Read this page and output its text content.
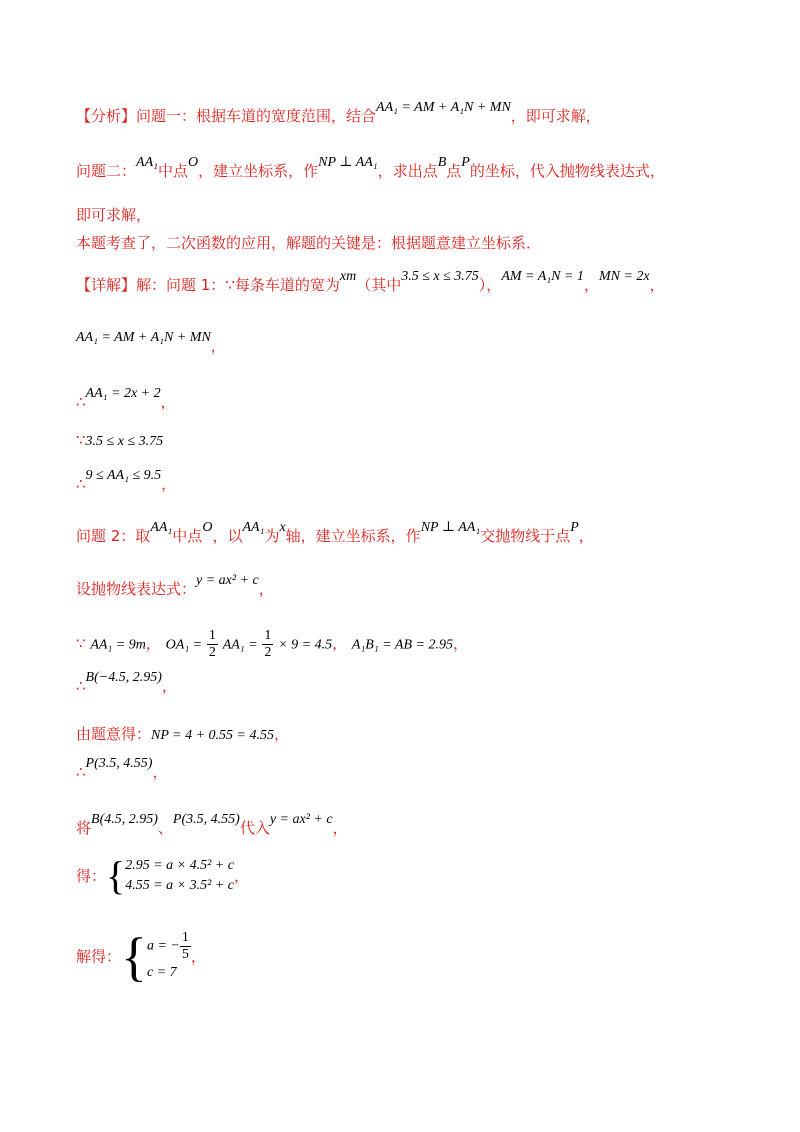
【分析】问题一：根据车道的宽度范围，结合AA₁ = AM + A₁N + MN，即可求解，
问题二：AA₁中点O，建立坐标系，作NP ⊥ AA₁，求出点B点P的坐标，代入抛物线表达式，
即可求解，
本题考查了，二次函数的应用，解题的关键是：根据题意建立坐标系．
【详解】解：问题 1：∵每条车道的宽为xm（其中3.5 ≤ x ≤ 3.75），AM = A₁N = 1，MN = 2x，
AA₁ = AM + A₁N + MN，
∴AA₁ = 2x + 2，
∵3.5 ≤ x ≤ 3.75
∴9 ≤ AA₁ ≤ 9.5，
问题 2：取AA₁中点O，以AA₁为x轴，建立坐标系，作NP ⊥ AA₁交抛物线于点P，
设抛物线表达式：y = ax² + c，
∵ AA₁ = 9m， $OA_1 = \frac{1}{2} AA_1 = \frac{1}{2} \times 9 = 4.5$， A₁B₁ = AB = 2.95，
∴B(−4.5, 2.95)，
由题意得：NP = 4 + 0.55 = 4.55，
∴P(3.5, 4.55)，
将B(4.5, 2.95)、P(3.5, 4.55)代入y = ax² + c，
得：{ 2.95 = a × 4.5² + c
4.55 = a × 3.5² + c
，
解得：{ a = − $\frac{1}{5}$
c = 7
，
